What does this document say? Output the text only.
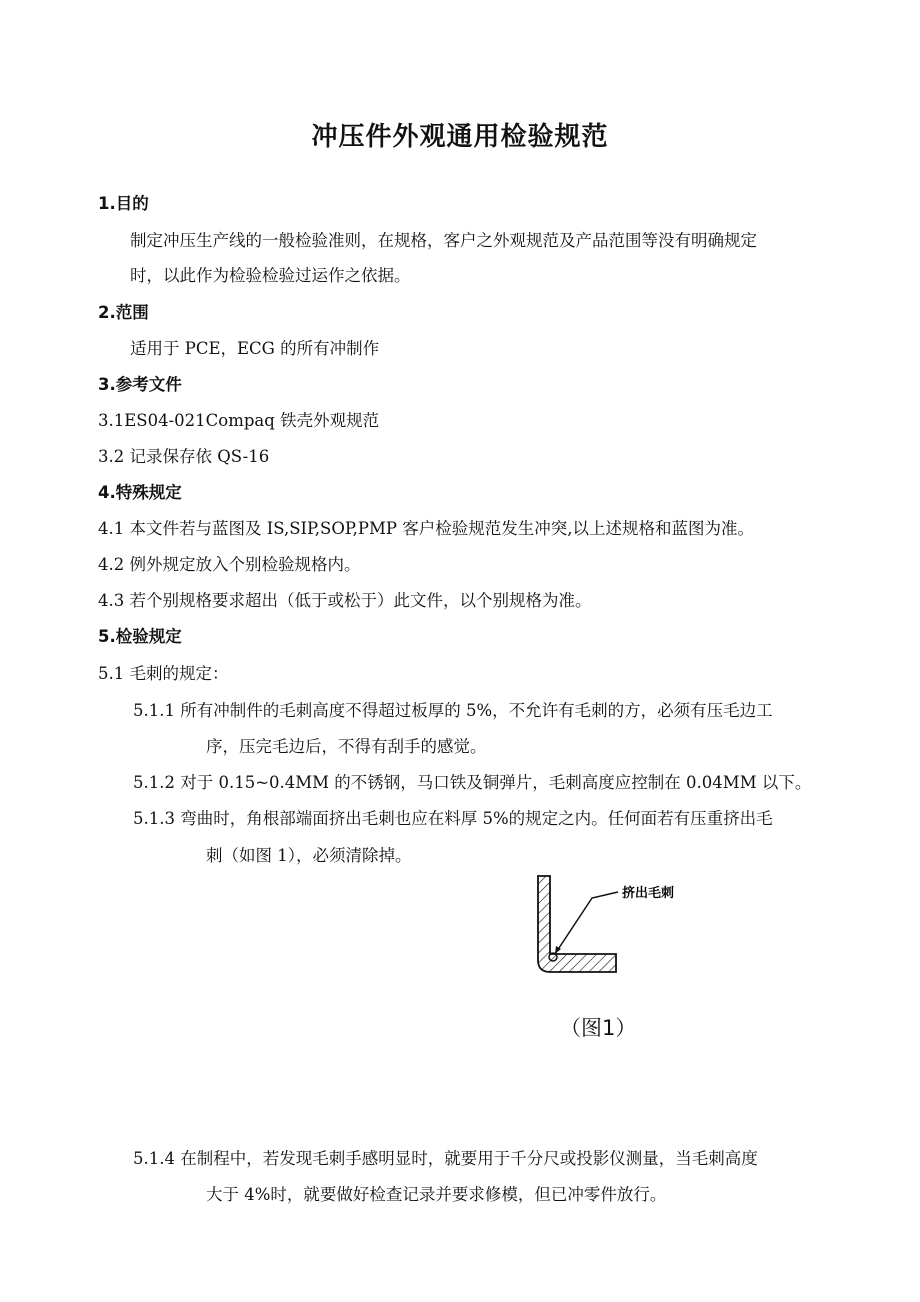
冲压件外观通用检验规范
1.目的
制定冲压生产线的一般检验准则，在规格，客户之外观规范及产品范围等没有明确规定
时，以此作为检验检验过运作之依据。
2.范围
适用于 PCE，ECG 的所有冲制作
3.参考文件
3.1ES04-021Compaq 铁壳外观规范
3.2 记录保存依 QS-16
4.特殊规定
4.1 本文件若与蓝图及 IS,SIP,SOP,PMP 客户检验规范发生冲突,以上述规格和蓝图为准。
4.2 例外规定放入个别检验规格内。
4.3 若个别规格要求超出（低于或松于）此文件，以个别规格为准。
5.检验规定
5.1 毛刺的规定：
5.1.1 所有冲制件的毛刺高度不得超过板厚的 5%，不允许有毛刺的方，必须有压毛边工
序，压完毛边后，不得有刮手的感觉。
5.1.2 对于 0.15~0.4MM 的不锈钢，马口铁及铜弹片，毛刺高度应控制在 0.04MM 以下。
5.1.3 弯曲时，角根部端面挤出毛刺也应在料厚 5%的规定之内。任何面若有压重挤出毛
刺（如图 1），必须清除掉。
挤出毛刺
（图1）
5.1.4 在制程中，若发现毛刺手感明显时，就要用于千分尺或投影仪测量，当毛刺高度
大于 4%时，就要做好检查记录并要求修模，但已冲零件放行。
